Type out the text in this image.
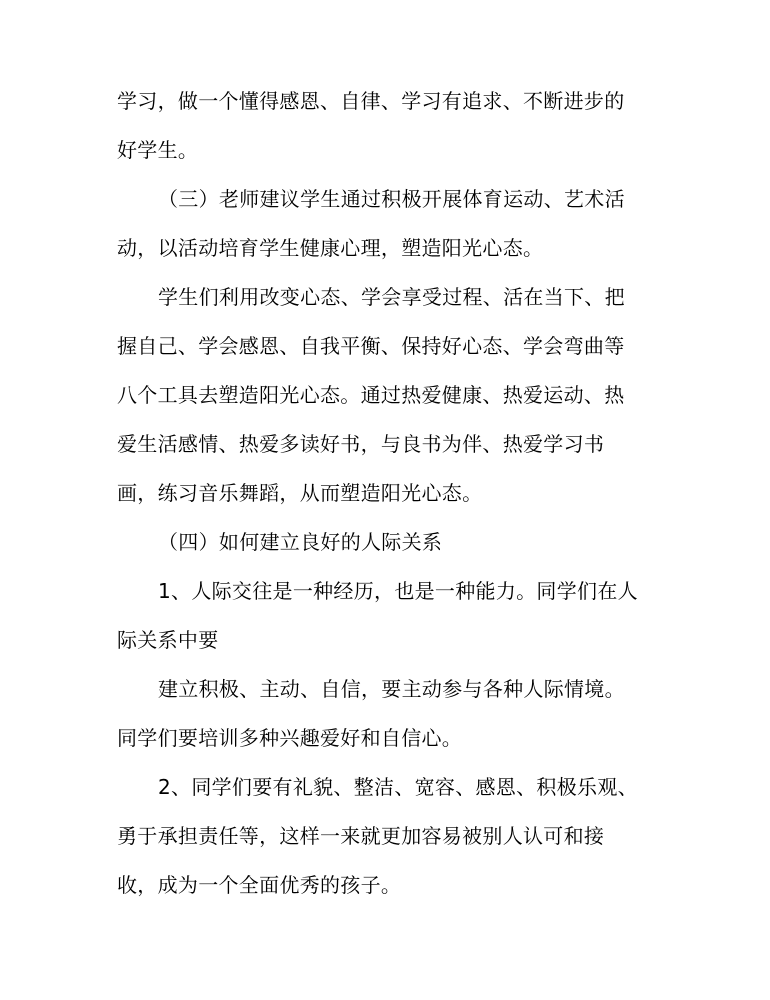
学习，做一个懂得感恩、自律、学习有追求、不断进步的
好学生。
（三）老师建议学生通过积极开展体育运动、艺术活
动，以活动培育学生健康心理，塑造阳光心态。
学生们利用改变心态、学会享受过程、活在当下、把
握自己、学会感恩、自我平衡、保持好心态、学会弯曲等
八个工具去塑造阳光心态。通过热爱健康、热爱运动、热
爱生活感情、热爱多读好书，与良书为伴、热爱学习书
画，练习音乐舞蹈，从而塑造阳光心态。
（四）如何建立良好的人际关系
1、人际交往是一种经历，也是一种能力。同学们在人
际关系中要
建立积极、主动、自信，要主动参与各种人际情境。
同学们要培训多种兴趣爱好和自信心。
2、同学们要有礼貌、整洁、宽容、感恩、积极乐观、
勇于承担责任等，这样一来就更加容易被别人认可和接
收，成为一个全面优秀的孩子。
